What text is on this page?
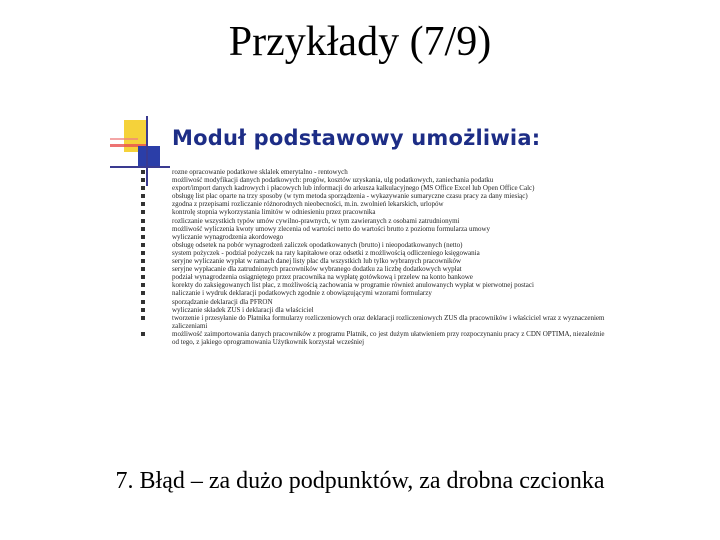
Przykłady (7/9)
Moduł podstawowy umożliwia:
rozne opracowanie podatkowe sklalek emerytalno - rentowych
możliwość modyfikacji danych podatkowych: progów, kosztów uzyskania, ulg podatkowych, zaniechania podatku
export/import danych kadrowych i płacowych lub informacji do arkusza kalkulacyjnego (MS Office Excel lub Open Office Calc)
obsługę list płac oparte na trzy sposoby (w tym metoda sporządzenia - wykazywanie sumaryczne czasu pracy za dany miesiąc)
zgodna z przepisami rozliczanie różnorodnych nieobecności, m.in. zwolnień lekarskich, urlopów
kontrolę stopnia wykorzystania limitów w odniesieniu przez pracownika
rozliczanie wszystkich typów umów cywilno-prawnych, w tym zawieranych z osobami zatrudnionymi
możliwość wyliczenia kwoty umowy zlecenia od wartości netto do wartości brutto z poziomu formularza umowy
wyliczanie wynagrodzenia akordowego
obsługę odsetek na pobór wynagrodzeń zaliczek opodatkowanych (brutto) i nieopodatkowanych (netto)
system pożyczek - podział pożyczek na raty kapitałowe oraz odsetki z możliwością odliczeniego księgowania
seryjne wyliczanie wypłat w ramach danej listy płac dla wszystkich lub tylko wybranych pracowników
seryjne wypłacanie dla zatrudnionych pracowników wybranego dodatku za liczbę dodatkowych wypłat
podział wynagrodzenia osiągniętego przez pracownika na wypłatę gotówkową i przelew na konto bankowe
korekty do zaksięgowanych list płac, z możliwością zachowania w programie również anulowanych wypłat w pierwotnej postaci
naliczanie i wydruk deklaracji podatkowych zgodnie z obowiązującymi wzorami formularzy
sporządzanie deklaracji dla PFRON
wyliczanie składek ZUS i deklaracji dla właściciel
tworzenie i przesyłanie do Płatnika formularzy rozliczeniowych oraz deklaracji rozliczeniowych ZUS dla pracowników i właściciel wraz z wyznaczeniem zaliczeniami
możliwość zaimportowania danych pracowników z programu Płatnik, co jest dużym ułatwieniem przy rozpoczynaniu pracy z CDN OPTIMA, niezależnie od tego, z jakiego oprogramowania Użytkownik korzystał wcześniej
7. Błąd – za dużo podpunktów, za drobna czcionka
